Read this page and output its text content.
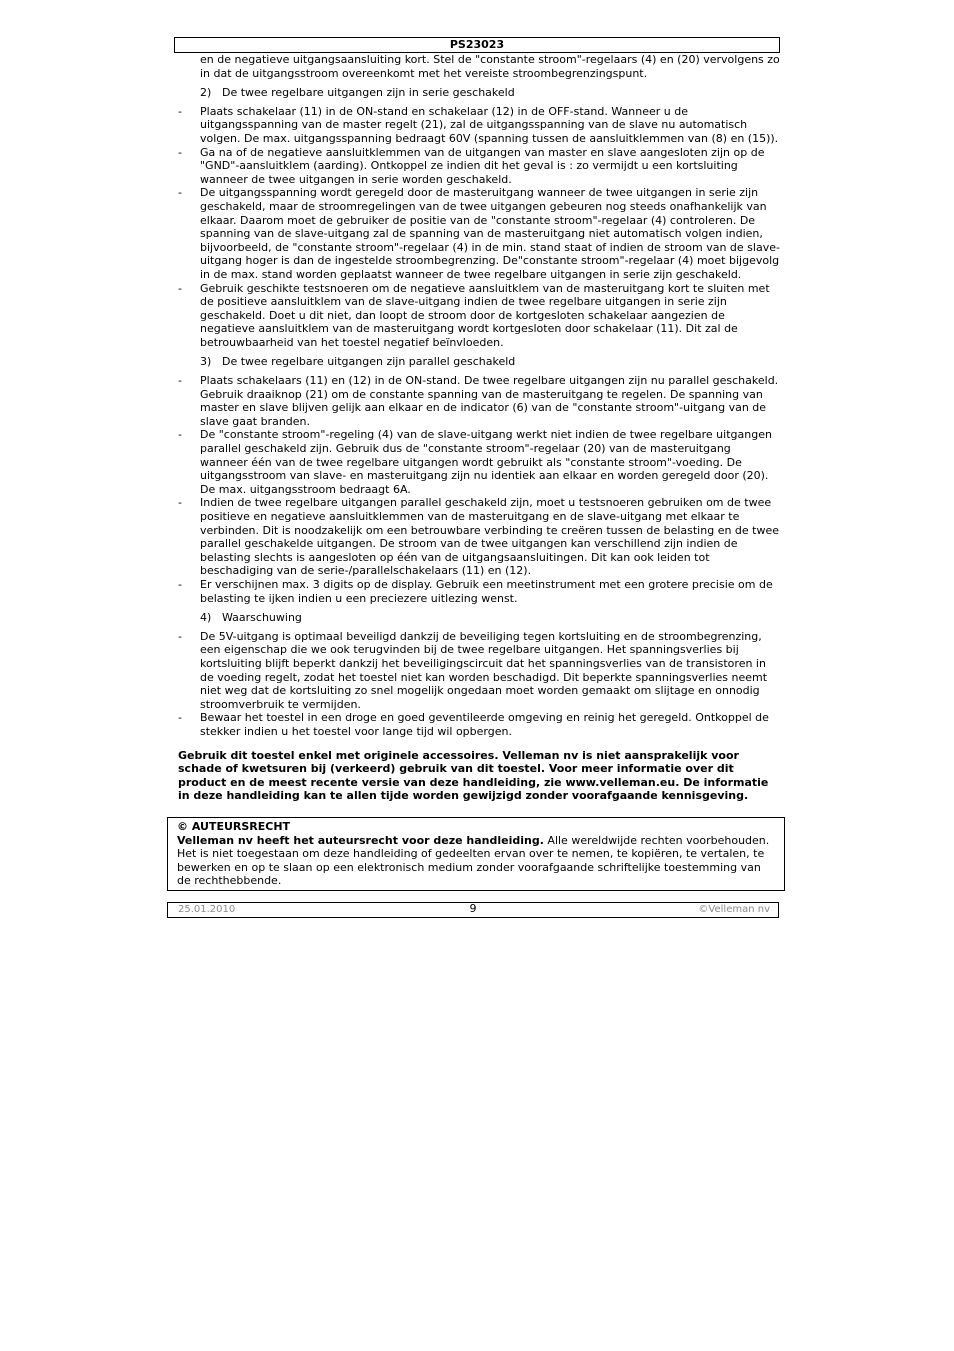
PS23023

en de negatieve uitgangsaansluiting kort. Stel de "constante stroom"-regelaars (4) en (20) vervolgens zo in dat de uitgangsstroom overeenkomt met het vereiste stroombegrenzingspunt.

2) De twee regelbare uitgangen zijn in serie geschakeld
-	Plaats schakelaar (11) in de ON-stand en schakelaar (12) in de OFF-stand. Wanneer u de uitgangsspanning van de master regelt (21), zal de uitgangsspanning van de slave nu automatisch volgen. De max. uitgangsspanning bedraagt 60V (spanning tussen de aansluitklemmen van (8) en (15)).
-	Ga na of de negatieve aansluitklemmen van de uitgangen van master en slave aangesloten zijn op de "GND"-aansluitklem (aarding). Ontkoppel ze indien dit het geval is : zo vermijdt u een kortsluiting wanneer de twee uitgangen in serie worden geschakeld.
-	De uitgangsspanning wordt geregeld door de masteruitgang wanneer de twee uitgangen in serie zijn geschakeld, maar de stroomregelingen van de twee uitgangen gebeuren nog steeds onafhankelijk van elkaar. Daarom moet de gebruiker de positie van de "constante stroom"-regelaar (4) controleren. De spanning van de slave-uitgang zal de spanning van de masteruitgang niet automatisch volgen indien, bijvoorbeeld, de "constante stroom"-regelaar (4) in de min. stand staat of indien de stroom van de slave-uitgang hoger is dan de ingestelde stroombegrenzing. De"constante stroom"-regelaar (4) moet bijgevolg in de max. stand worden geplaatst wanneer de twee regelbare uitgangen in serie zijn geschakeld.
-	Gebruik geschikte testsnoeren om de negatieve aansluitklem van de masteruitgang kort te sluiten met de positieve aansluitklem van de slave-uitgang indien de twee regelbare uitgangen in serie zijn geschakeld. Doet u dit niet, dan loopt de stroom door de kortgesloten schakelaar aangezien de negatieve aansluitklem van de masteruitgang wordt kortgesloten door schakelaar (11). Dit zal de betrouwbaarheid van het toestel negatief beïnvloeden.
3) De twee regelbare uitgangen zijn parallel geschakeld
-	Plaats schakelaars (11) en (12) in de ON-stand. De twee regelbare uitgangen zijn nu parallel geschakeld. Gebruik draaiknop (21) om de constante spanning van de masteruitgang te regelen. De spanning van master en slave blijven gelijk aan elkaar en de indicator (6) van de "constante stroom"-uitgang van de slave gaat branden.
-	De "constante stroom"-regeling (4) van de slave-uitgang werkt niet indien de twee regelbare uitgangen parallel geschakeld zijn. Gebruik dus de "constante stroom"-regelaar (20) van de masteruitgang wanneer één van de twee regelbare uitgangen wordt gebruikt als "constante stroom"-voeding. De uitgangsstroom van slave- en masteruitgang zijn nu identiek aan elkaar en worden geregeld door (20). De max. uitgangsstroom bedraagt 6A.
-	Indien de twee regelbare uitgangen parallel geschakeld zijn, moet u testsnoeren gebruiken om de twee positieve en negatieve aansluitklemmen van de masteruitgang en de slave-uitgang met elkaar te verbinden. Dit is noodzakelijk om een betrouwbare verbinding te creëren tussen de belasting en de twee parallel geschakelde uitgangen. De stroom van de twee uitgangen kan verschillend zijn indien de belasting slechts is aangesloten op één van de uitgangsaansluitingen. Dit kan ook leiden tot beschadiging van de serie-/parallelschakelaars (11) en (12).
-	Er verschijnen max. 3 digits op de display. Gebruik een meetinstrument met een grotere precisie om de belasting te ijken indien u een preciezere uitlezing wenst.
4) Waarschuwing
-	De 5V-uitgang is optimaal beveiligd dankzij de beveiliging tegen kortsluiting en de stroombegrenzing, een eigenschap die we ook terugvinden bij de twee regelbare uitgangen. Het spanningsverlies bij kortsluiting blijft beperkt dankzij het beveiligingscircuit dat het spanningsverlies van de transistoren in de voeding regelt, zodat het toestel niet kan worden beschadigd. Dit beperkte spanningsverlies neemt niet weg dat de kortsluiting zo snel mogelijk ongedaan moet worden gemaakt om slijtage en onnodig stroomverbruik te vermijden.
-	Bewaar het toestel in een droge en goed geventileerde omgeving en reinig het geregeld. Ontkoppel de stekker indien u het toestel voor lange tijd wil opbergen.

Gebruik dit toestel enkel met originele accessoires. Velleman nv is niet aansprakelijk voor schade of kwetsuren bij (verkeerd) gebruik van dit toestel. Voor meer informatie over dit product en de meest recente versie van deze handleiding, zie www.velleman.eu. De informatie in deze handleiding kan te allen tijde worden gewijzigd zonder voorafgaande kennisgeving.

© AUTEURSRECHT
Velleman nv heeft het auteursrecht voor deze handleiding. Alle wereldwijde rechten voorbehouden. Het is niet toegestaan om deze handleiding of gedeelten ervan over te nemen, te kopiëren, te vertalen, te bewerken en op te slaan op een elektronisch medium zonder voorafgaande schriftelijke toestemming van de rechthebbende.
25.01.2010	9	©Velleman nv
